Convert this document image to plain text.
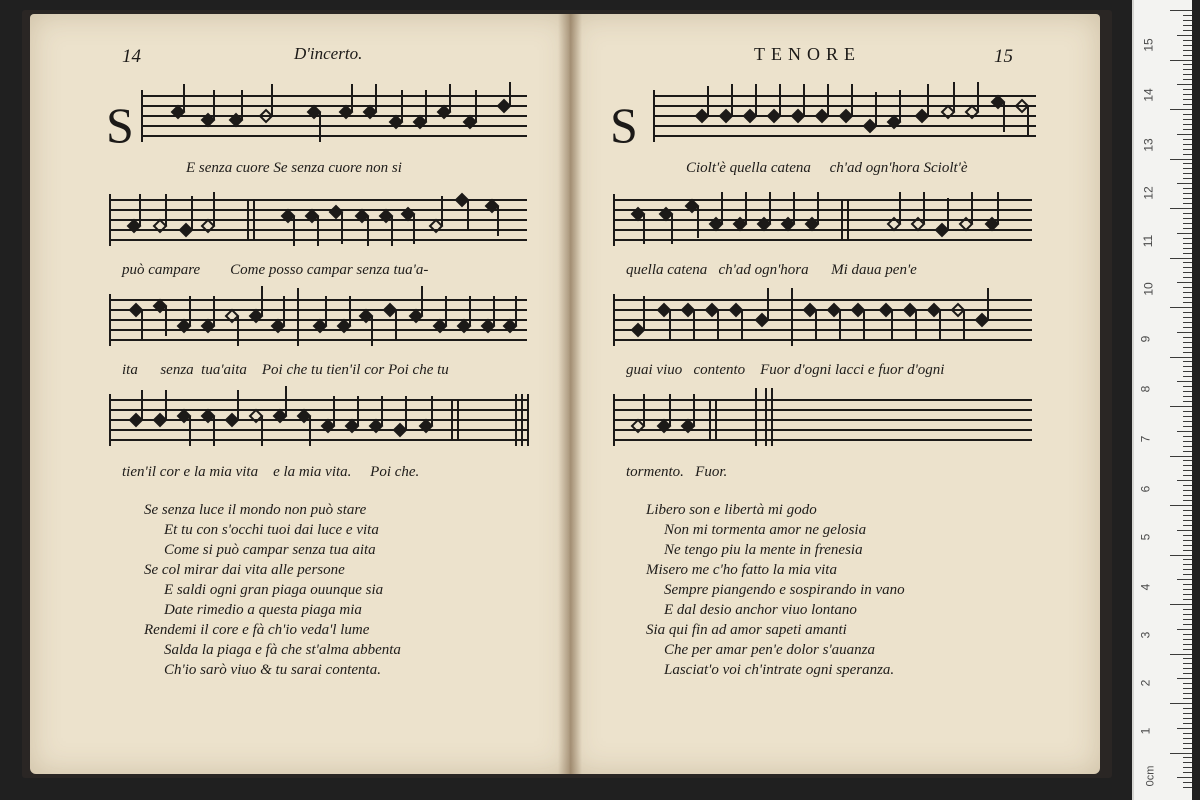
14	D'incerto.
S
E senza cuore Se senza cuore non si
può campare        Come posso campar senza tua'a-
ita      senza  tua'aita    Poi che tu tien'il cor Poi che tu
tien'il cor e la mia vita    e la mia vita.     Poi che.
Se senza luce il mondo non può stare
Et tu con s'occhi tuoi dai luce e vita
Come si può campar senza tua aita
Se col mirar dai vita alle persone
E saldi ogni gran piaga ouunque sia
Date rimedio a questa piaga mia
Rendemi il core e fà ch'io veda'l lume
Salda la piaga e fà che st'alma abbenta
Ch'io sarò viuo & tu sarai contenta.
TENORE	15
S
Ciolt'è quella catena     ch'ad ogn'hora Sciolt'è
quella catena   ch'ad ogn'hora      Mi daua pen'e
guai viuo   contento    Fuor d'ogni lacci e fuor d'ogni
tormento.   Fuor.
Libero son e libertà mi godo
Non mi tormenta amor ne gelosia
Ne tengo piu la mente in frenesia
Misero me c'ho fatto la mia vita
Sempre piangendo e sospirando in vano
E dal desio anchor viuo lontano
Sia qui fin ad amor sapeti amanti
Che per amar pen'e dolor s'auanza
Lasciat'o voi ch'intrate ogni speranza.
15
14
13
12
11
10
9
8
7
6
5
4
3
2
1
0cm
